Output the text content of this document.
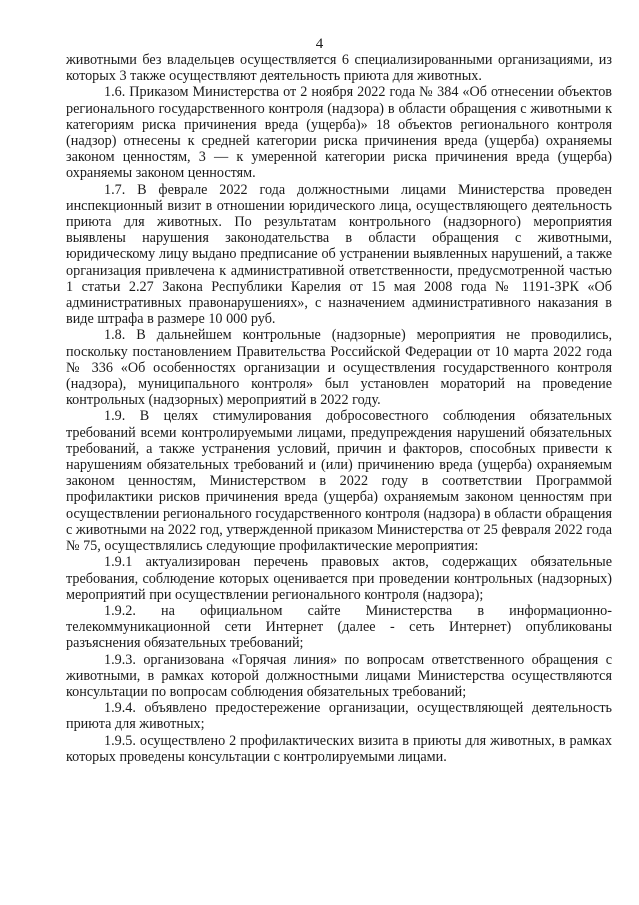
4

животными без владельцев осуществляется 6 специализированными организациями, из которых 3 также осуществляют деятельность приюта для животных.

1.6. Приказом Министерства от 2 ноября 2022 года № 384 «Об отнесении объектов регионального государственного контроля (надзора) в области обращения с животными к категориям риска причинения вреда (ущерба)» 18 объектов регионального контроля (надзор) отнесены к средней категории риска причинения вреда (ущерба) охраняемы законом ценностям, 3 — к умеренной категории риска причинения вреда (ущерба) охраняемы законом ценностям.

1.7. В феврале 2022 года должностными лицами Министерства проведен инспекционный визит в отношении юридического лица, осуществляющего деятельность приюта для животных. По результатам контрольного (надзорного) мероприятия выявлены нарушения законодательства в области обращения с животными, юридическому лицу выдано предписание об устранении выявленных нарушений, а также организация привлечена к административной ответственности, предусмотренной частью 1 статьи 2.27 Закона Республики Карелия от 15 мая 2008 года № 1191-ЗРК «Об административных правонарушениях», с назначением административного наказания в виде штрафа в размере 10 000 руб.

1.8. В дальнейшем контрольные (надзорные) мероприятия не проводились, поскольку постановлением Правительства Российской Федерации от 10 марта 2022 года № 336 «Об особенностях организации и осуществления государственного контроля (надзора), муниципального контроля» был установлен мораторий на проведение контрольных (надзорных) мероприятий в 2022 году.

1.9. В целях стимулирования добросовестного соблюдения обязательных требований всеми контролируемыми лицами, предупреждения нарушений обязательных требований, а также устранения условий, причин и факторов, способных привести к нарушениям обязательных требований и (или) причинению вреда (ущерба) охраняемым законом ценностям, Министерством в 2022 году в соответствии Программой профилактики рисков причинения вреда (ущерба) охраняемым законом ценностям при осуществлении регионального государственного контроля (надзора) в области обращения с животными на 2022 год, утвержденной приказом Министерства от 25 февраля 2022 года № 75, осуществлялись следующие профилактические мероприятия:

1.9.1 актуализирован перечень правовых актов, содержащих обязательные требования, соблюдение которых оценивается при проведении контрольных (надзорных) мероприятий при осуществлении регионального контроля (надзора);

1.9.2. на официальном сайте Министерства в информационно-телекоммуникационной сети Интернет (далее - сеть Интернет) опубликованы разъяснения обязательных требований;

1.9.3. организована «Горячая линия» по вопросам ответственного обращения с животными, в рамках которой должностными лицами Министерства осуществляются консультации по вопросам соблюдения обязательных требований;

1.9.4. объявлено предостережение организации, осуществляющей деятельность приюта для животных;

1.9.5. осуществлено 2 профилактических визита в приюты для животных, в рамках которых проведены консультации с контролируемыми лицами.
